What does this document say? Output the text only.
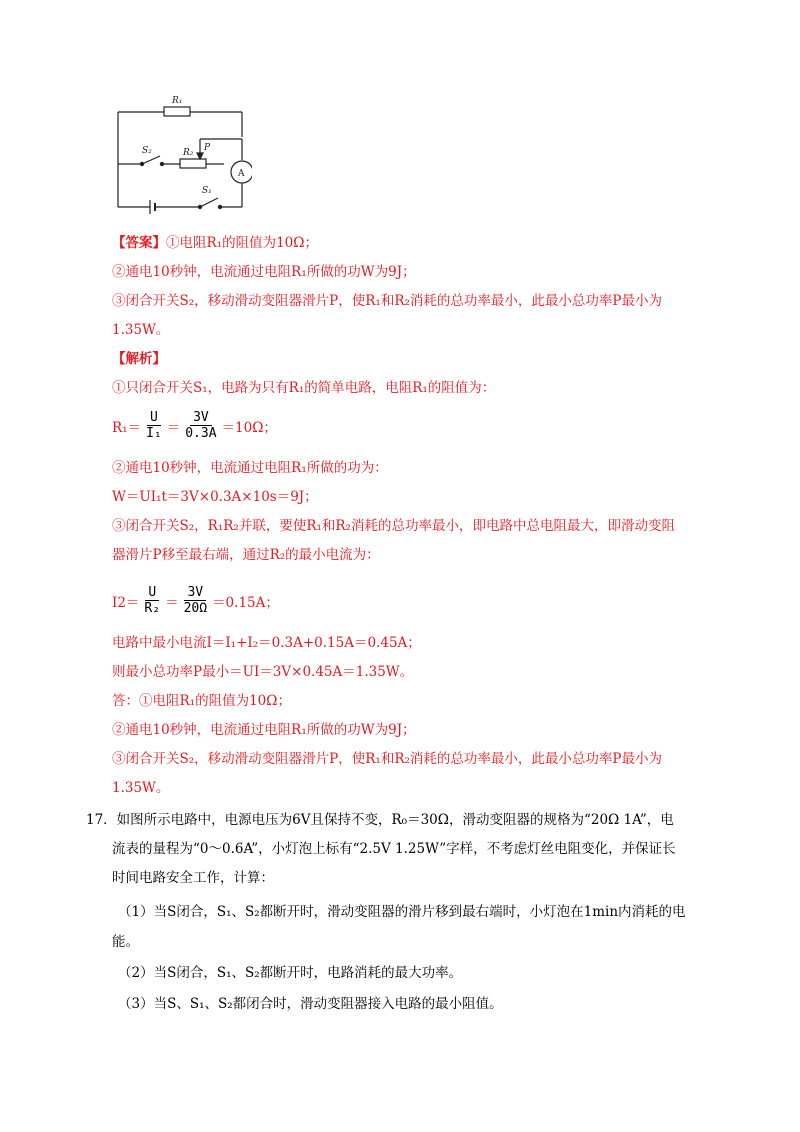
R₁
S₂	R₂ P
A
S₁
【答案】①电阻R₁的阻值为10Ω；
②通电10秒钟，电流通过电阻R₁所做的功W为9J；
③闭合开关S₂，移动滑动变阻器滑片P，使R₁和R₂消耗的总功率最小，此最小总功率P最小为
1.35W。
【解析】
①只闭合开关S₁，电路为只有R₁的简单电路，电阻R₁的阻值为：
$R_1= \frac{U}{\text{I₁}} = \frac{3V}{0.3A} =10\Omega$；
②通电10秒钟，电流通过电阻R₁所做的功为：
W＝UI₁t＝3V×0.3A×10s＝9J；
③闭合开关S₂，R₁R₂并联，要使R₁和R₂消耗的总功率最小，即电路中总电阻最大，即滑动变阻
器滑片P移至最右端，通过R₂的最小电流为：
$I2= \frac{U}{\text{R₂}} = \frac{3V}{20\Omega} =0.15A$；
电路中最小电流I＝I₁+I₂＝0.3A+0.15A＝0.45A；
则最小总功率P最小＝UI＝3V×0.45A＝1.35W。
答：①电阻R₁的阻值为10Ω；
②通电10秒钟，电流通过电阻R₁所做的功W为9J；
③闭合开关S₂，移动滑动变阻器滑片P，使R₁和R₂消耗的总功率最小，此最小总功率P最小为
1.35W。
17．如图所示电路中，电源电压为6V且保持不变，R₀＝30Ω，滑动变阻器的规格为“20Ω 1A”，电
流表的量程为“0～0.6A”，小灯泡上标有“2.5V 1.25W”字样，不考虑灯丝电阻变化，并保证长
时间电路安全工作，计算：
（1）当S闭合，S₁、S₂都断开时，滑动变阻器的滑片移到最右端时，小灯泡在1min内消耗的电
能。
（2）当S闭合，S₁、S₂都断开时，电路消耗的最大功率。
（3）当S、S₁、S₂都闭合时，滑动变阻器接入电路的最小阻值。
